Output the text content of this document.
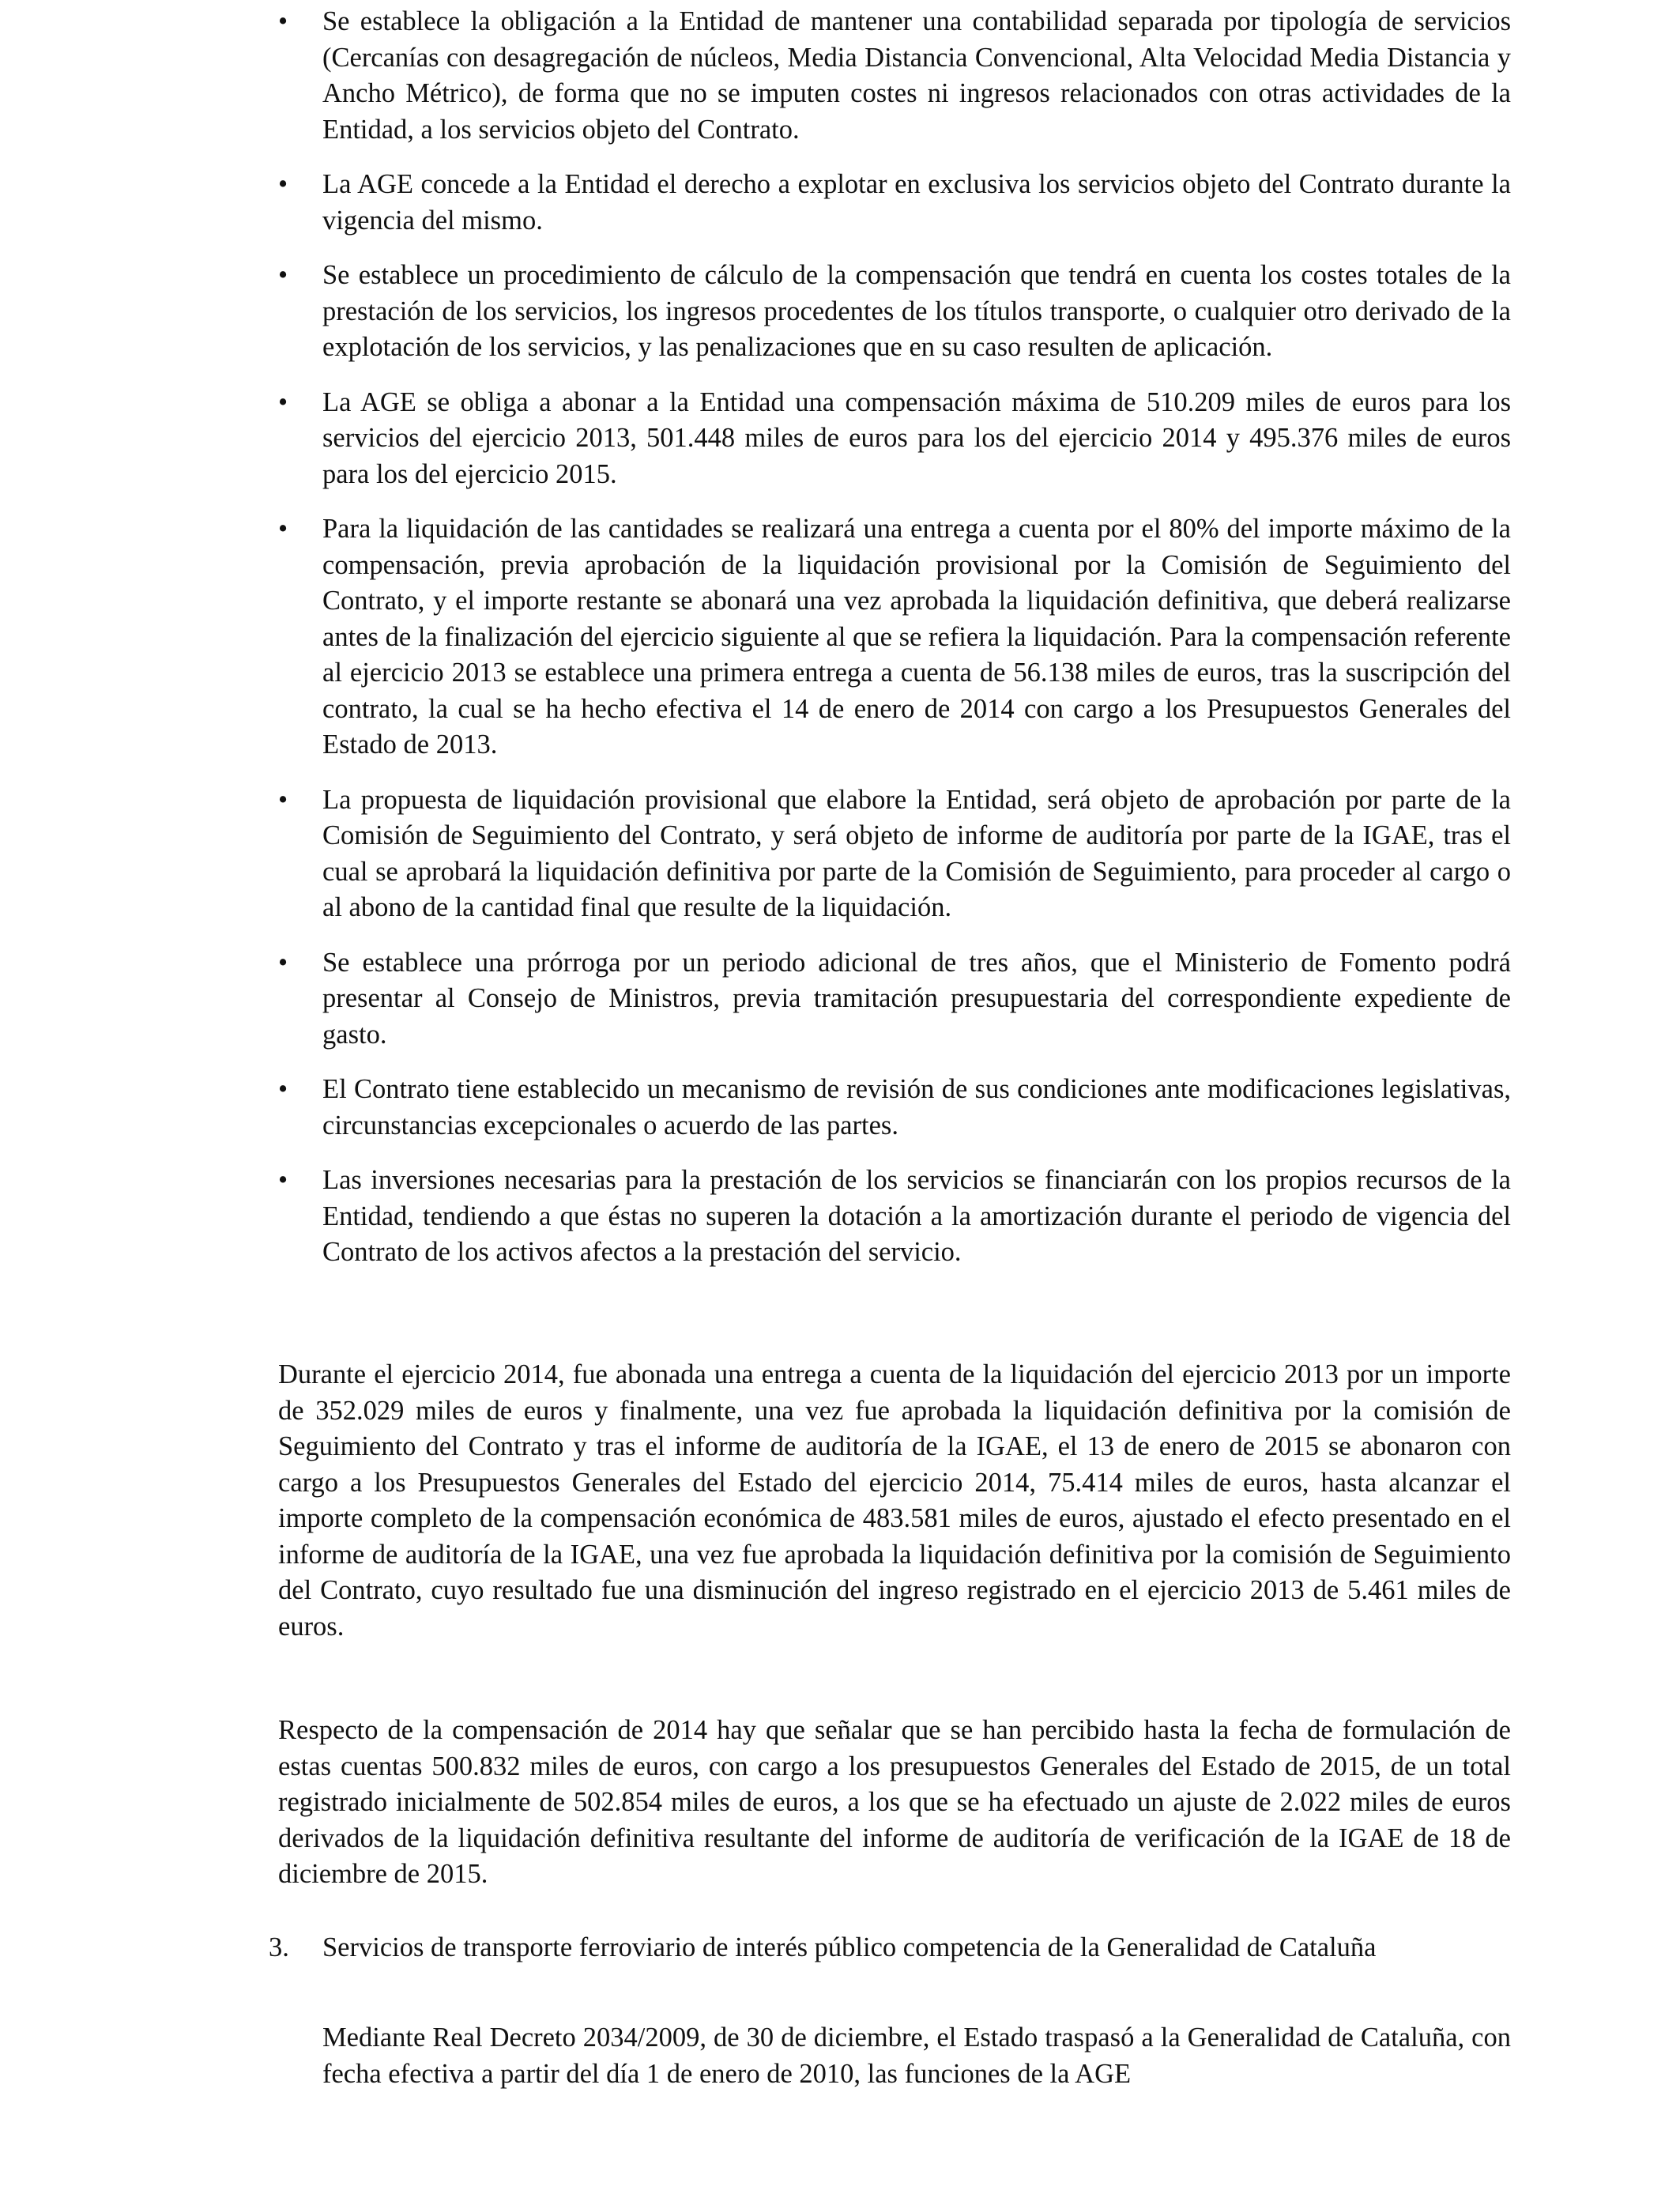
•	Se establece la obligación a la Entidad de mantener una contabilidad separada por tipología de servicios (Cercanías con desagregación de núcleos, Media Distancia Convencional, Alta Velocidad Media Distancia y Ancho Métrico), de forma que no se imputen costes ni ingresos relacionados con otras actividades de la Entidad, a los servicios objeto del Contrato.
•	La AGE concede a la Entidad el derecho a explotar en exclusiva los servicios objeto del Contrato durante la vigencia del mismo.
•	Se establece un procedimiento de cálculo de la compensación que tendrá en cuenta los costes totales de la prestación de los servicios, los ingresos procedentes de los títulos transporte, o cualquier otro derivado de la explotación de los servicios, y las penalizaciones que en su caso resulten de aplicación.
•	La AGE se obliga a abonar a la Entidad una compensación máxima de 510.209 miles de euros para los servicios del ejercicio 2013, 501.448 miles de euros para los del ejercicio 2014 y 495.376 miles de euros para los del ejercicio 2015.
•	Para la liquidación de las cantidades se realizará una entrega a cuenta por el 80% del importe máximo de la compensación, previa aprobación de la liquidación provisional por la Comisión de Seguimiento del Contrato, y el importe restante se abonará una vez aprobada la liquidación definitiva, que deberá realizarse antes de la finalización del ejercicio siguiente al que se refiera la liquidación. Para la compensación referente al ejercicio 2013 se establece una primera entrega a cuenta de 56.138 miles de euros, tras la suscripción del contrato, la cual se ha hecho efectiva el 14 de enero de 2014 con cargo a los Presupuestos Generales del Estado de 2013.
•	La propuesta de liquidación provisional que elabore la Entidad, será objeto de aprobación por parte de la Comisión de Seguimiento del Contrato, y será objeto de informe de auditoría por parte de la IGAE, tras el cual se aprobará la liquidación definitiva por parte de la Comisión de Seguimiento, para proceder al cargo o al abono de la cantidad final que resulte de la liquidación.
•	Se establece una prórroga por un periodo adicional de tres años, que el Ministerio de Fomento podrá presentar al Consejo de Ministros, previa tramitación presupuestaria del correspondiente expediente de gasto.
•	El Contrato tiene establecido un mecanismo de revisión de sus condiciones ante modificaciones legislativas, circunstancias excepcionales o acuerdo de las partes.
•	Las inversiones necesarias para la prestación de los servicios se financiarán con los propios recursos de la Entidad, tendiendo a que éstas no superen la dotación a la amortización durante el periodo de vigencia del Contrato de los activos afectos a la prestación del servicio.

Durante el ejercicio 2014, fue abonada una entrega a cuenta de la liquidación del ejercicio 2013 por un importe de 352.029 miles de euros y finalmente, una vez fue aprobada la liquidación definitiva por la comisión de Seguimiento del Contrato y tras el informe de auditoría de la IGAE, el 13 de enero de 2015 se abonaron con cargo a los Presupuestos Generales del Estado del ejercicio 2014, 75.414 miles de euros, hasta alcanzar el importe completo de la compensación económica de 483.581 miles de euros, ajustado el efecto presentado en el informe de auditoría de la IGAE, una vez fue aprobada la liquidación definitiva por la comisión de Seguimiento del Contrato, cuyo resultado fue una disminución del ingreso registrado en el ejercicio 2013 de 5.461 miles de euros.

Respecto de la compensación de 2014 hay que señalar que se han percibido hasta la fecha de formulación de estas cuentas 500.832 miles de euros, con cargo a los presupuestos Generales del Estado de 2015, de un total registrado inicialmente de 502.854 miles de euros, a los que se ha efectuado un ajuste de 2.022 miles de euros derivados de la liquidación definitiva resultante del informe de auditoría de verificación de la IGAE de 18 de diciembre de 2015.

3. Servicios de transporte ferroviario de interés público competencia de la Generalidad de Cataluña

Mediante Real Decreto 2034/2009, de 30 de diciembre, el Estado traspasó a la Generalidad de Cataluña, con fecha efectiva a partir del día 1 de enero de 2010, las funciones de la AGE
